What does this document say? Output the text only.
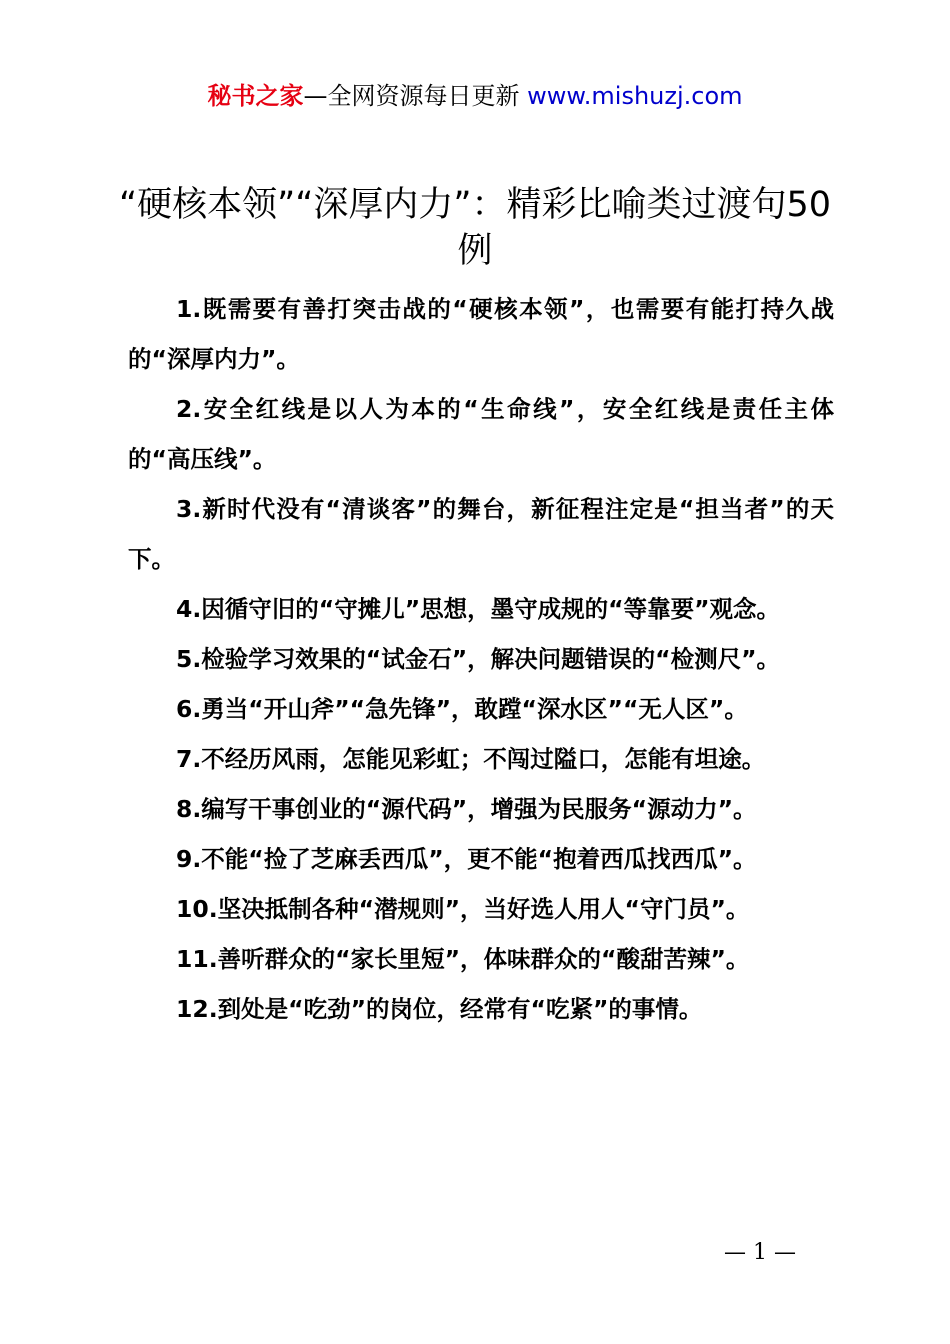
秘书之家—全网资源每日更新 www.mishuzj.com
“硬核本领”“深厚内力”：精彩比喻类过渡句50例

1.既需要有善打突击战的“硬核本领”，也需要有能打持久战的“深厚内力”。

2.安全红线是以人为本的“生命线”，安全红线是责任主体的“高压线”。

3.新时代没有“清谈客”的舞台，新征程注定是“担当者”的天下。

4.因循守旧的“守摊儿”思想，墨守成规的“等靠要”观念。

5.检验学习效果的“试金石”，解决问题错误的“检测尺”。

6.勇当“开山斧”“急先锋”，敢蹚“深水区”“无人区”。

7.不经历风雨，怎能见彩虹；不闯过隘口，怎能有坦途。

8.编写干事创业的“源代码”，增强为民服务“源动力”。

9.不能“捡了芝麻丢西瓜”，更不能“抱着西瓜找西瓜”。

10.坚决抵制各种“潜规则”，当好选人用人“守门员”。

11.善听群众的“家长里短”，体味群众的“酸甜苦辣”。

12.到处是“吃劲”的岗位，经常有“吃紧”的事情。

— 1 —
